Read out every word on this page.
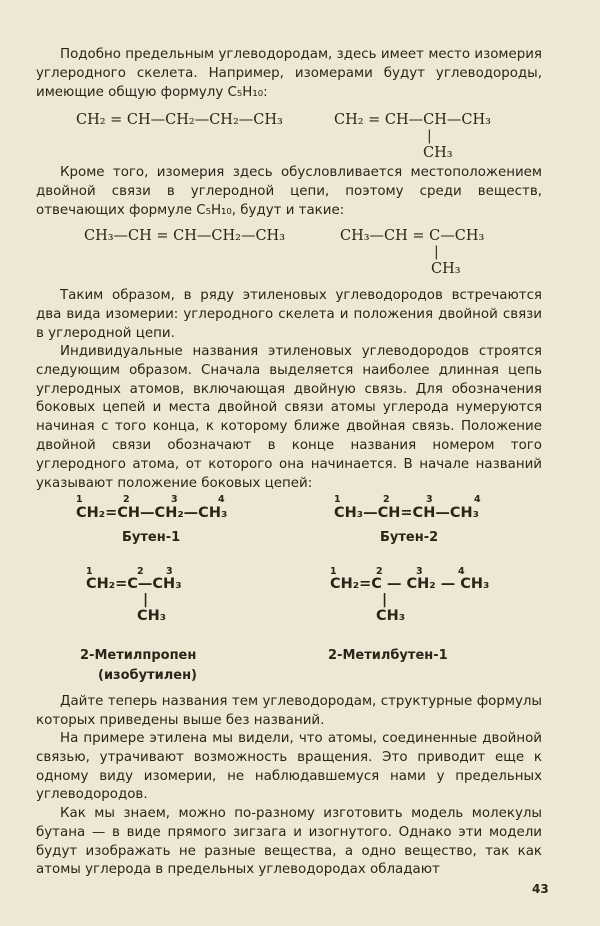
Подобно предельным углеводородам, здесь имеет место изомерия углеродного скелета. Например, изомерами будут углеводороды, имеющие общую формулу C₅H₁₀:

CH₂ = CH—CH₂—CH₂—CH₃	CH₂ = CH—CH—CH₃
|
CH₃

Кроме того, изомерия здесь обусловливается местоположением двойной связи в углеродной цепи, поэтому среди веществ, отвечающих формуле C₅H₁₀, будут и такие:

CH₃—CH = CH—CH₂—CH₃	CH₃—CH = C—CH₃
|
CH₃

Таким образом, в ряду этиленовых углеводородов встречаются два вида изомерии: углеродного скелета и положения двойной связи в углеродной цепи.

Индивидуальные названия этиленовых углеводородов строятся следующим образом. Сначала выделяется наиболее длинная цепь углеродных атомов, включающая двойную связь. Для обозначения боковых цепей и места двойной связи атомы углерода нумеруются начиная с того конца, к которому ближе двойная связь. Положение двойной связи обозначают в конце названия номером того углеродного атома, от которого она начинается. В начале названий указывают положение боковых цепей:

1	2	3	4
CH₂=CH—CH₂—CH₃
Бутен-1
1	2	3	4
CH₃—CH=CH—CH₃
Бутен-2
1	2 3
CH₂=C—CH₃
|
CH₃
2-Метилпропен
(изобутилен)
1	2	3	4
CH₂=C — CH₂ — CH₃
|
CH₃
2-Метилбутен-1

Дайте теперь названия тем углеводородам, структурные формулы которых приведены выше без названий.

На примере этилена мы видели, что атомы, соединенные двойной связью, утрачивают возможность вращения. Это приводит еще к одному виду изомерии, не наблюдавшемуся нами у предельных углеводородов.

Как мы знаем, можно по-разному изготовить модель молекулы бутана — в виде прямого зигзага и изогнутого. Однако эти модели будут изображать не разные вещества, а одно вещество, так как атомы углерода в предельных углеводородах обладают

43
